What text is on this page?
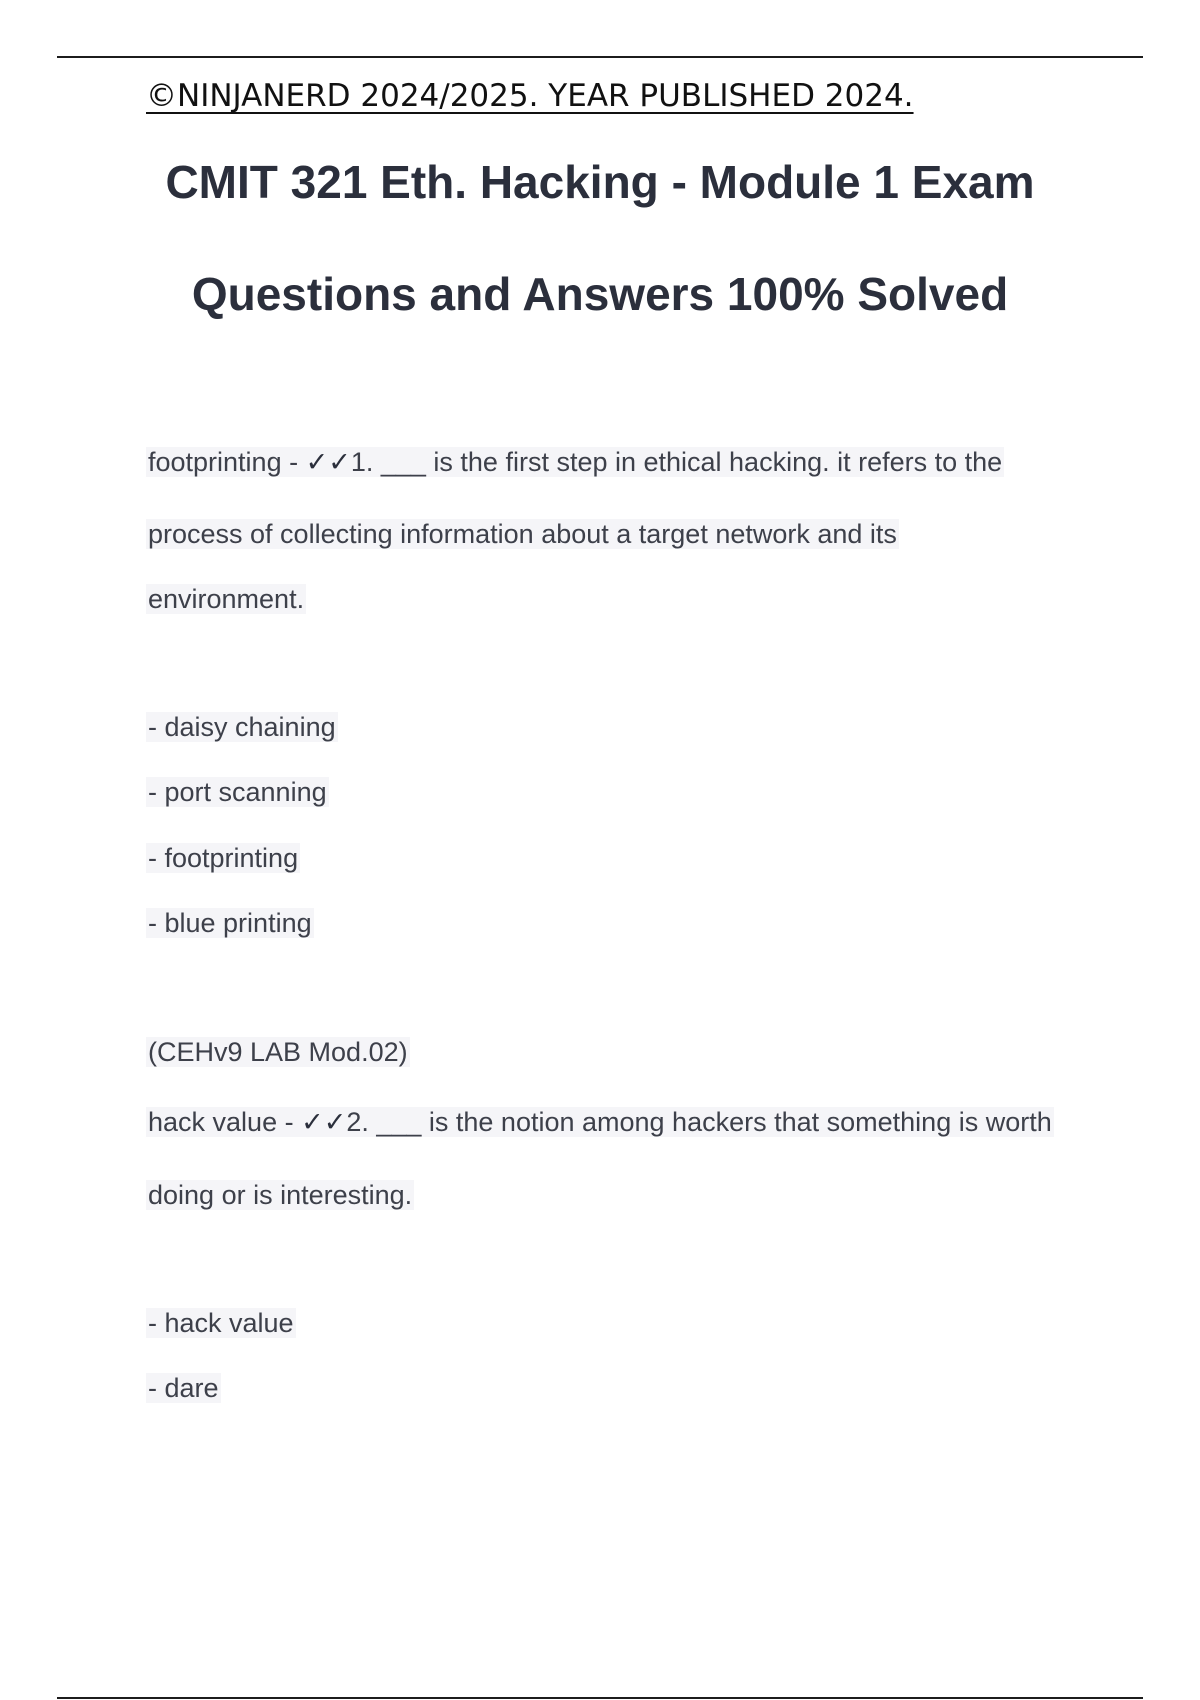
©NINJANERD 2024/2025. YEAR PUBLISHED 2024.
CMIT 321 Eth. Hacking - Module 1 Exam
Questions and Answers 100% Solved
footprinting - ✓✓1. ___ is the first step in ethical hacking. it refers to the
process of collecting information about a target network and its
environment.
- daisy chaining
- port scanning
- footprinting
- blue printing
(CEHv9 LAB Mod.02)
hack value - ✓✓2. ___ is the notion among hackers that something is worth
doing or is interesting.
- hack value
- dare
